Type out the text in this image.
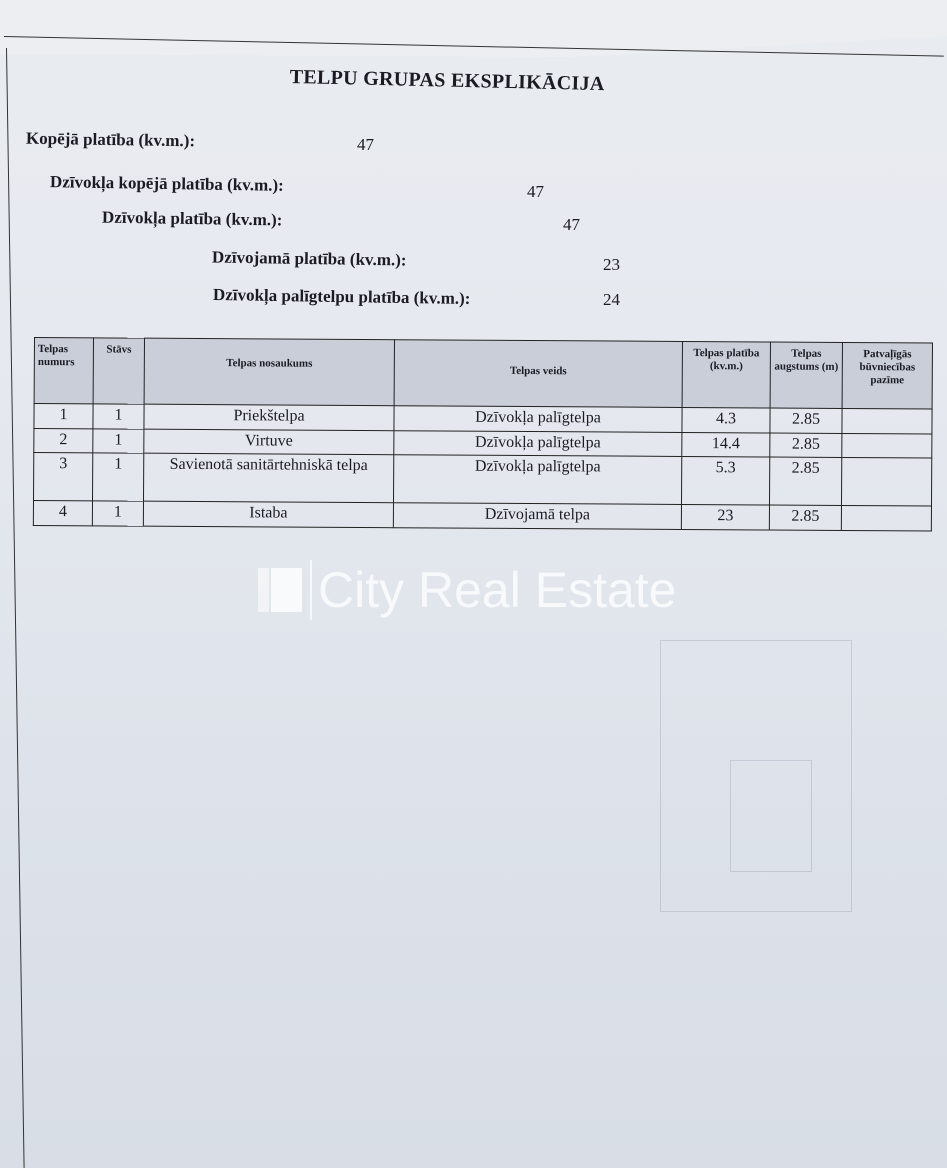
TELPU GRUPAS EKSPLIKĀCIJA
Kopējā platība (kv.m.):	47
Dzīvokļa kopējā platība (kv.m.):	47
Dzīvokļa platība (kv.m.):	47
Dzīvojamā platība (kv.m.):	23
Dzīvokļa palīgtelpu platība (kv.m.):	24
Telpas numurs	Stāvs	Telpas nosaukums	Telpas veids	Telpas platība (kv.m.)	Telpas augstums (m)	Patvaļīgās būvniecības pazīme
1	1	Priekštelpa	Dzīvokļa palīgtelpa	4.3	2.85	
2	1	Virtuve	Dzīvokļa palīgtelpa	14.4	2.85	
3	1	Savienotā sanitārtehniskā telpa	Dzīvokļa palīgtelpa	5.3	2.85	
4	1	Istaba	Dzīvojamā telpa	23	2.85	
City Real Estate
